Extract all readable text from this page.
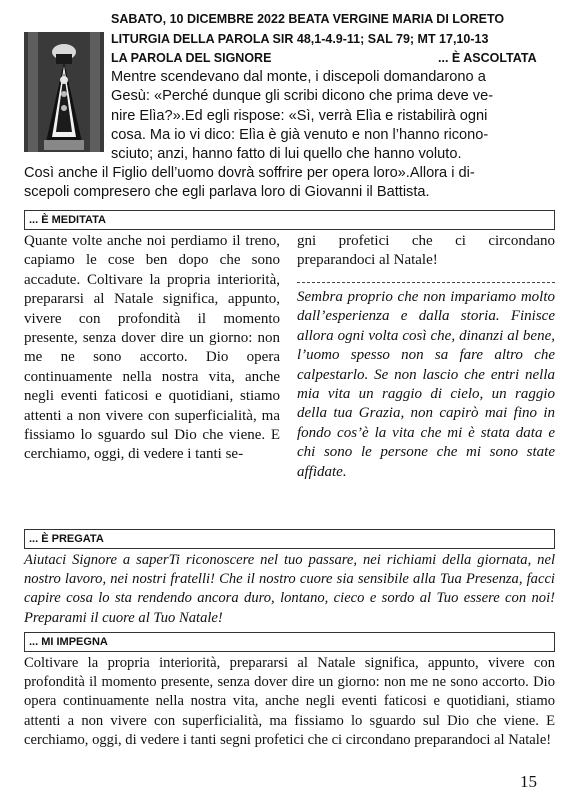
SABATO, 10 DICEMBRE 2022 BEATA VERGINE MARIA DI LORETO
LITURGIA DELLA PAROLA SIR 48,1-4.9-11; SAL 79; MT 17,10-13
LA PAROLA DEL SIGNORE	... È ASCOLTATA
Mentre scendevano dal monte, i discepoli domandarono a
Gesù: «Perché dunque gli scribi dicono che prima deve ve-
nire Elìa?».Ed egli rispose: «Sì, verrà Elìa e ristabilirà ogni
cosa. Ma io vi dico: Elìa è già venuto e non l’hanno ricono-
sciuto; anzi, hanno fatto di lui quello che hanno voluto.
Così anche il Figlio dell’uomo dovrà soffrire per opera loro».Allora i di-
scepoli compresero che egli parlava loro di Giovanni il Battista.
... È MEDITATA
Quante volte anche noi perdiamo il treno, capiamo le cose ben dopo che sono accadute. Coltivare la propria interiorità, prepararsi al Natale significa, appunto, vivere con profondità il momento presente, senza dover dire un giorno: non me ne sono accorto. Dio opera continuamente nella nostra vita, anche negli eventi faticosi e quotidiani, stiamo attenti a non vivere con superficialità, ma fissiamo lo sguardo sul Dio che viene. E cerchiamo, oggi, di vedere i tanti se-
gni profetici che ci circondano preparandoci al Natale!
Sembra proprio che non impariamo molto dall’esperienza e dalla storia. Finisce allora ogni volta così che, dinanzi al bene, l’uomo spesso non sa fare altro che calpestarlo. Se non lascio che entri nella mia vita un raggio di cielo, un raggio della tua Grazia, non capirò mai fino in fondo cos’è la vita che mi è stata data e chi sono le persone che mi sono state affidate.
... È PREGATA
Aiutaci Signore a saperTi riconoscere nel tuo passare, nei richiami della giornata, nel nostro lavoro, nei nostri fratelli! Che il nostro cuore sia sensibile alla Tua Presenza, facci capire cosa lo sta rendendo ancora duro, lontano, cieco e sordo al Tuo essere con noi! Preparami il cuore al Tuo Natale!
... MI IMPEGNA
Coltivare la propria interiorità, prepararsi al Natale significa, appunto, vivere con profondità il momento presente, senza dover dire un giorno: non me ne sono accorto. Dio opera continuamente nella nostra vita, anche negli eventi faticosi e quotidiani, stiamo attenti a non vivere con superficialità, ma fissiamo lo sguardo sul Dio che viene. E cerchiamo, oggi, di vedere i tanti segni profetici che ci circondano preparandoci al Natale!
15
